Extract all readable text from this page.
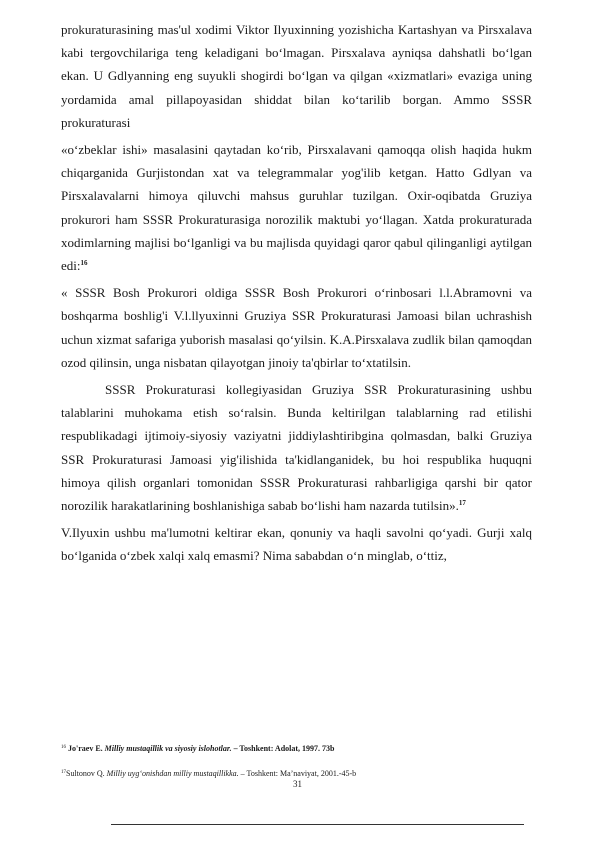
prokuraturasining mas'ul xodimi Viktor Ilyuxinning yozishicha Kartashyan va Pirsxalava kabi tergovchilariga teng keladigani bo‘lmagan. Pirsxalava ayniqsa dahshatli bo‘lgan ekan. U Gdlyanning eng suyukli shogirdi bo‘lgan va qilgan «xizmatlari» evaziga uning yordamida amal pillapoyasidan shiddat bilan ko‘tarilib borgan. Ammo SSSR prokuraturasi

«o‘zbeklar ishi» masalasini qaytadan ko‘rib, Pirsxalavani qamoqqa olish haqida hukm chiqarganida Gurjistondan xat va telegrammalar yog'ilib ketgan. Hatto Gdlyan va Pirsxalavalarni himoya qiluvchi mahsus guruhlar tuzilgan. Oxir-oqibatda Gruziya prokurori ham SSSR Prokuraturasiga norozilik maktubi yo‘llagan. Xatda prokuraturada xodimlarning majlisi bo‘lganligi va bu majlisda quyidagi qaror qabul qilinganligi aytilgan edi:$^{16}$

« SSSR Bosh Prokurori oldiga SSSR Bosh Prokurori o‘rinbosari l.l.Abramovni va boshqarma boshlig'i V.l.llyuxinni Gruziya SSR Prokuraturasi Jamoasi bilan uchrashish uchun xizmat safariga yuborish masalasi qo‘yilsin. K.A.Pirsxalava zudlik bilan qamoqdan ozod qilinsin, unga nisbatan qilayotgan jinoiy ta'qbirlar to‘xtatilsin.

SSSR Prokuraturasi kollegiyasidan Gruziya SSR Prokuraturasining ushbu talablarini muhokama etish so‘ralsin. Bunda keltirilgan talablarning rad etilishi respublikadagi ijtimoiy-siyosiy vaziyatni jiddiylashtiribgina qolmasdan, balki Gruziya SSR Prokuraturasi Jamoasi yig'ilishida ta'kidlanganidek, bu hoi respublika huquqni himoya qilish organlari tomonidan SSSR Prokuraturasi rahbarligiga qarshi bir qator norozilik harakatlarining boshlanishiga sabab bo‘lishi ham nazarda tutilsin».$^{17}$

V.Ilyuxin ushbu ma'lumotni keltirar ekan, qonuniy va haqli savolni qo‘yadi. Gurji xalq bo‘lganida o‘zbek xalqi xalq emasmi? Nima sababdan o‘n minglab, o‘ttiz,

$^{16}$ Jo'raev E. Milliy mustaqillik va siyosiy islohotlar. – Toshkent: Adolat, 1997. 73b

$^{17}$Sultonov Q. Milliy uyg‘onishdan milliy mustaqillikka. – Toshkent: Ma’naviyat, 2001.-45-b

31
